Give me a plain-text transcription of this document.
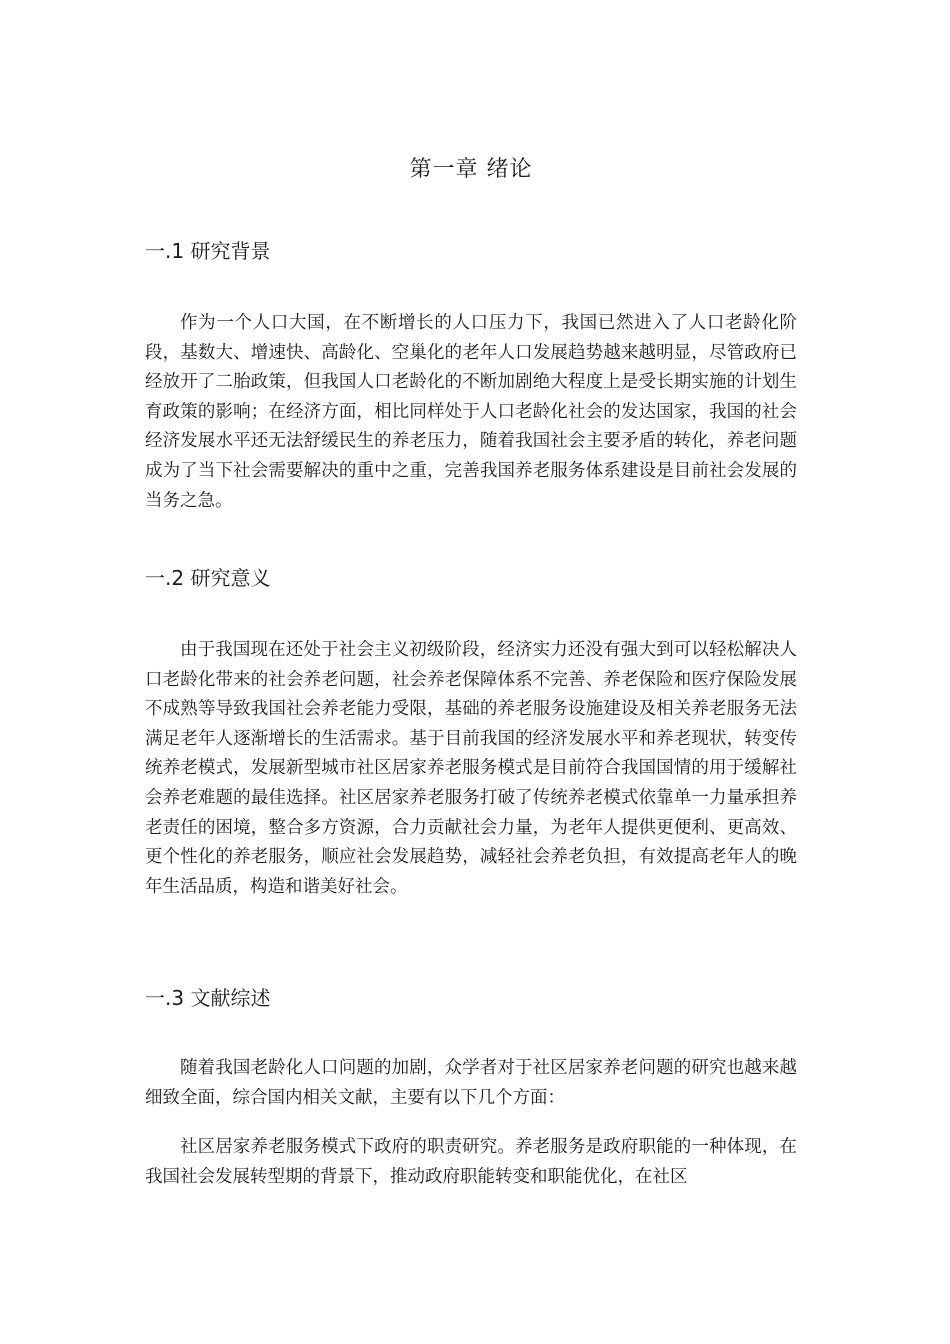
第一章 绪论
一.1 研究背景

作为一个人口大国，在不断增长的人口压力下，我国已然进入了人口老龄化阶段，基数大、增速快、高龄化、空巢化的老年人口发展趋势越来越明显，尽管政府已经放开了二胎政策，但我国人口老龄化的不断加剧绝大程度上是受长期实施的计划生育政策的影响；在经济方面，相比同样处于人口老龄化社会的发达国家，我国的社会经济发展水平还无法舒缓民生的养老压力，随着我国社会主要矛盾的转化，养老问题成为了当下社会需要解决的重中之重，完善我国养老服务体系建设是目前社会发展的当务之急。

一.2 研究意义

由于我国现在还处于社会主义初级阶段，经济实力还没有强大到可以轻松解决人口老龄化带来的社会养老问题，社会养老保障体系不完善、养老保险和医疗保险发展不成熟等导致我国社会养老能力受限，基础的养老服务设施建设及相关养老服务无法满足老年人逐渐增长的生活需求。基于目前我国的经济发展水平和养老现状，转变传统养老模式，发展新型城市社区居家养老服务模式是目前符合我国国情的用于缓解社会养老难题的最佳选择。社区居家养老服务打破了传统养老模式依靠单一力量承担养老责任的困境，整合多方资源，合力贡献社会力量，为老年人提供更便利、更高效、更个性化的养老服务，顺应社会发展趋势，减轻社会养老负担，有效提高老年人的晚年生活品质，构造和谐美好社会。

一.3 文献综述

随着我国老龄化人口问题的加剧，众学者对于社区居家养老问题的研究也越来越细致全面，综合国内相关文献，主要有以下几个方面：

社区居家养老服务模式下政府的职责研究。养老服务是政府职能的一种体现，在我国社会发展转型期的背景下，推动政府职能转变和职能优化，在社区
